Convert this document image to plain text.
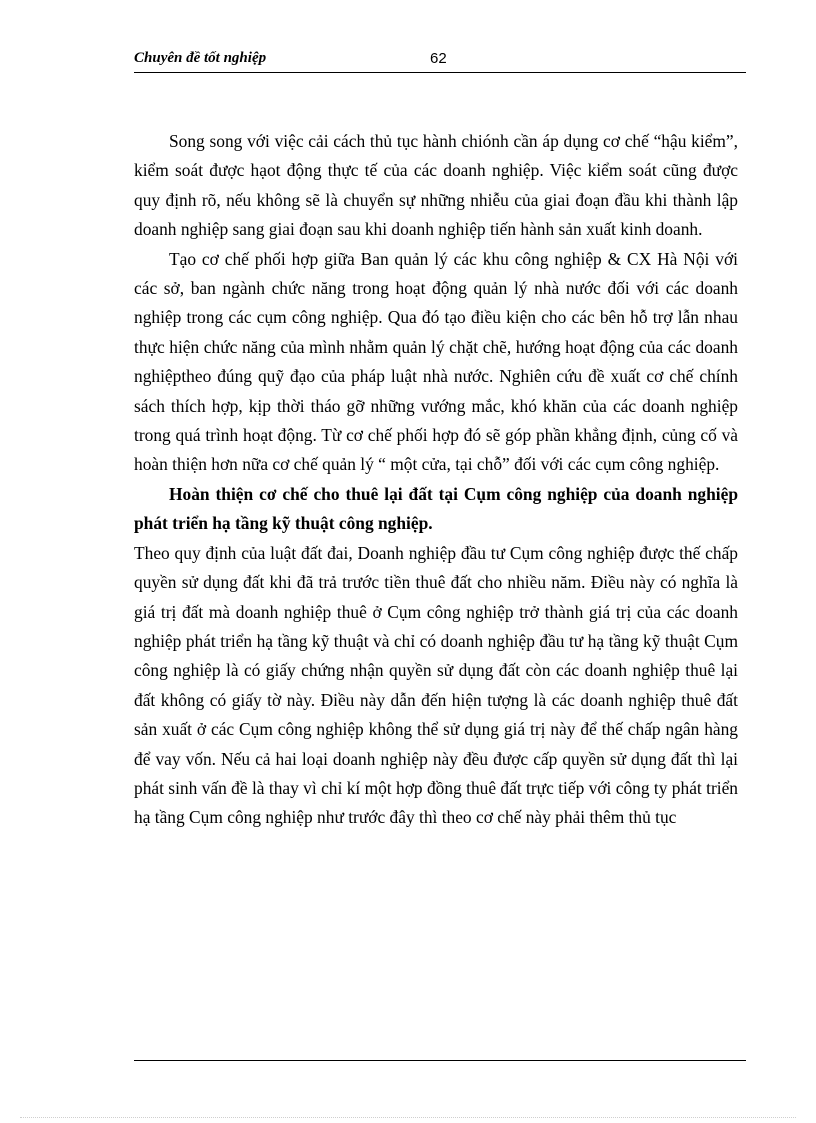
Chuyên đề tốt nghiệp	62

Song song với việc cải cách thủ tục hành chiónh cần áp dụng cơ chế “hậu kiểm”, kiểm soát được hạot động thực tế của các doanh nghiệp. Việc kiểm soát cũng được quy định rõ, nếu không sẽ là chuyển sự những nhiễu của giai đoạn đầu khi thành lập doanh nghiệp sang giai đoạn sau khi doanh nghiệp tiến hành sản xuất kinh doanh.

Tạo cơ chế phối hợp giữa Ban quản lý các khu công nghiệp & CX Hà Nội với các sở, ban ngành chức năng trong hoạt động quản lý nhà nước đối với các doanh nghiệp trong các cụm công nghiệp. Qua đó tạo điều kiện cho các bên hỗ trợ lẫn nhau thực hiện chức năng của mình nhằm quản lý chặt chẽ, hướng hoạt động của các doanh nghiệptheo đúng quỹ đạo của pháp luật nhà nước. Nghiên cứu đề xuất cơ chế chính sách thích hợp, kịp thời tháo gỡ những vướng mắc, khó khăn của các doanh nghiệp trong quá trình hoạt động. Từ cơ chế phối hợp đó sẽ góp phần khẳng định, củng cố và hoàn thiện hơn nữa cơ chế quản lý “ một cửa, tại chỗ” đối với các cụm công nghiệp.

Hoàn thiện cơ chế cho thuê lại đất tại Cụm công nghiệp của doanh nghiệp phát triển hạ tầng kỹ thuật công nghiệp.

Theo quy định của luật đất đai, Doanh nghiệp đầu tư Cụm công nghiệp được thế chấp quyền sử dụng đất khi đã trả trước tiền thuê đất cho nhiều năm. Điều này có nghĩa là giá trị đất mà doanh nghiệp thuê ở Cụm công nghiệp trở thành giá trị của các doanh nghiệp phát triển hạ tầng kỹ thuật và chỉ có doanh nghiệp đầu tư hạ tầng kỹ thuật Cụm công nghiệp là có giấy chứng nhận quyền sử dụng đất còn các doanh nghiệp thuê lại đất không có giấy tờ này. Điều này dẫn đến hiện tượng là các doanh nghiệp thuê đất sản xuất ở các Cụm công nghiệp không thể sử dụng giá trị này để thế chấp ngân hàng để vay vốn. Nếu cả hai loại doanh nghiệp này đều được cấp quyền sử dụng đất thì lại phát sinh vấn đề là thay vì chỉ kí một hợp đồng thuê đất trực tiếp với công ty phát triển hạ tầng Cụm công nghiệp như trước đây thì theo cơ chế này phải thêm thủ tục
